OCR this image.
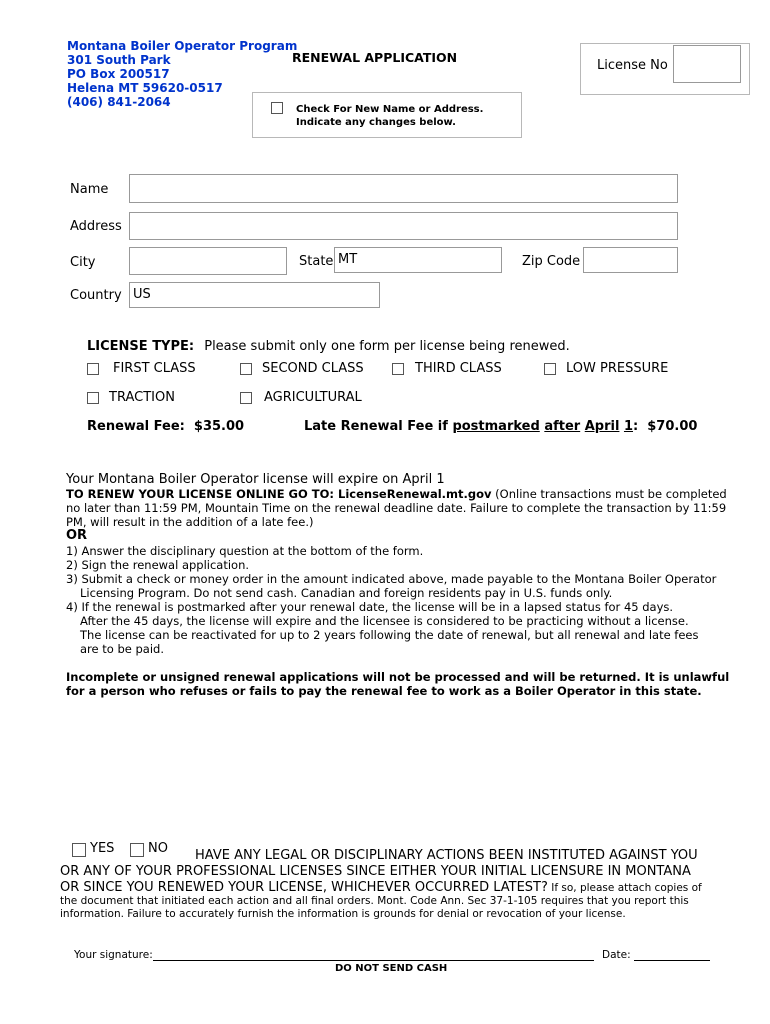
Montana Boiler Operator Program
301 South Park
PO Box 200517
Helena MT 59620-0517
(406) 841-2064
RENEWAL APPLICATION
License No
Check For New Name or Address.
Indicate any changes below.
Name
Address
City	State MT	Zip Code
Country US
LICENSE TYPE: Please submit only one form per license being renewed.
FIRST CLASS	SECOND CLASS	THIRD CLASS	LOW PRESSURE
TRACTION	AGRICULTURAL
Renewal Fee:  $35.00	Late Renewal Fee if postmarked after April 1:  $70.00
Your Montana Boiler Operator license will expire on April 1
TO RENEW YOUR LICENSE ONLINE GO TO: LicenseRenewal.mt.gov (Online transactions must be completed no later than 11:59 PM, Mountain Time on the renewal deadline date. Failure to complete the transaction by 11:59 PM, will result in the addition of a late fee.)
OR
1) Answer the disciplinary question at the bottom of the form.
2) Sign the renewal application.
3) Submit a check or money order in the amount indicated above, made payable to the Montana Boiler Operator
Licensing Program. Do not send cash. Canadian and foreign residents pay in U.S. funds only.
4) If the renewal is postmarked after your renewal date, the license will be in a lapsed status for 45 days.
After the 45 days, the license will expire and the licensee is considered to be practicing without a license.
The license can be reactivated for up to 2 years following the date of renewal, but all renewal and late fees
are to be paid.
Incomplete or unsigned renewal applications will not be processed and will be returned. It is unlawful
for a person who refuses or fails to pay the renewal fee to work as a Boiler Operator in this state.
YES	NO HAVE ANY LEGAL OR DISCIPLINARY ACTIONS BEEN INSTITUTED AGAINST YOU
OR ANY OF YOUR PROFESSIONAL LICENSES SINCE EITHER YOUR INITIAL LICENSURE IN MONTANA
OR SINCE YOU RENEWED YOUR LICENSE, WHICHEVER OCCURRED LATEST? If so, please attach copies of
the document that initiated each action and all final orders. Mont. Code Ann. Sec 37-1-105 requires that you report this
information. Failure to accurately furnish the information is grounds for denial or revocation of your license.
Your signature:	Date:
DO NOT SEND CASH
